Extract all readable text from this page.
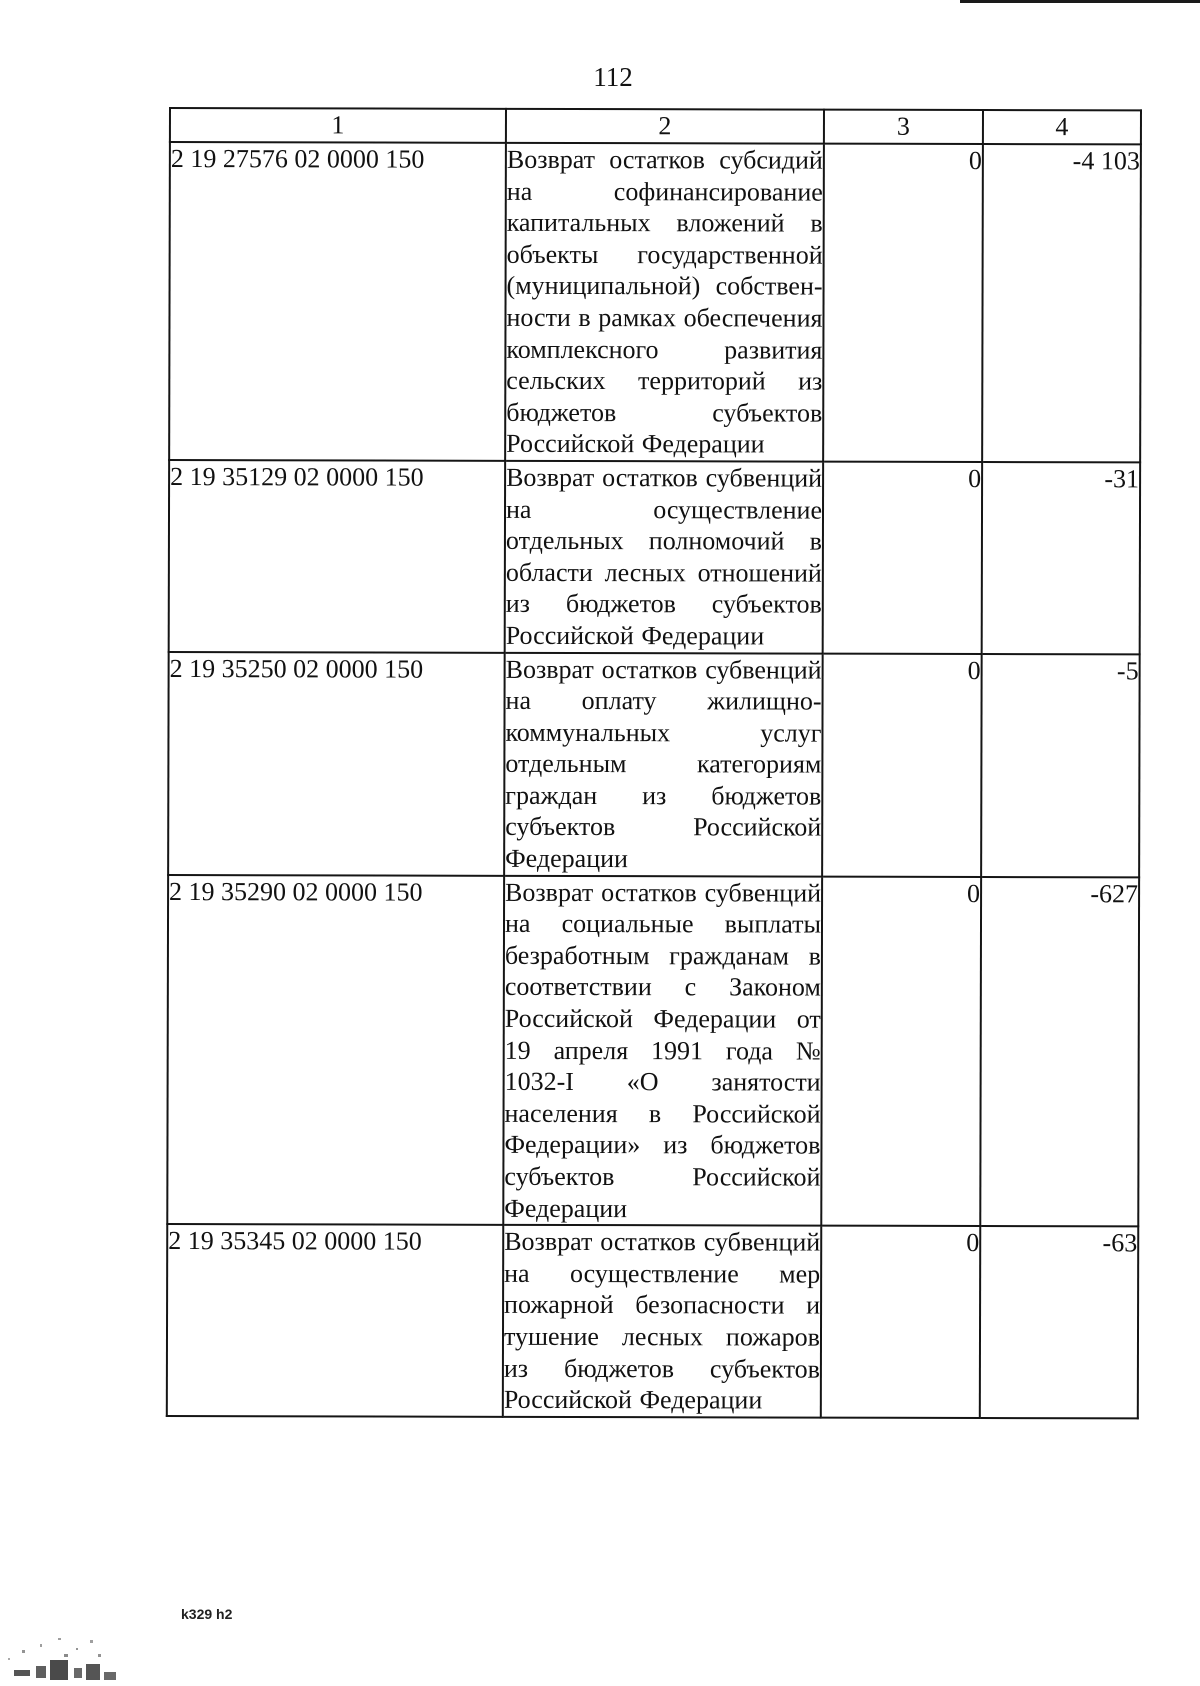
112
1	2	3	4
2 19 27576 02 0000 150	Возврат остатков субсидий на софинансирование капитальных вложений в объекты государственной (муниципальной) собственности в рамках обеспечения комплексного развития сельских территорий из бюджетов субъектов Российской Федерации	0	-4 103
2 19 35129 02 0000 150	Возврат остатков субвенций на осуществление отдельных полномочий в области лесных отношений из бюджетов субъектов Российской Федерации	0	-31
2 19 35250 02 0000 150	Возврат остатков субвенций на оплату жилищно-коммунальных услуг отдельным категориям граждан из бюджетов субъектов Российской Федерации	0	-5
2 19 35290 02 0000 150	Возврат остатков субвенций на социальные выплаты безработным гражданам в соответствии с Законом Российской Федерации от 19 апреля 1991 года № 1032-I «О занятости населения в Российской Федерации» из бюджетов субъектов Российской Федерации	0	-627
2 19 35345 02 0000 150	Возврат остатков субвенций на осуществление мер пожарной безопасности и тушение лесных пожаров из бюджетов субъектов Российской Федерации	0	-63
k329 h2
